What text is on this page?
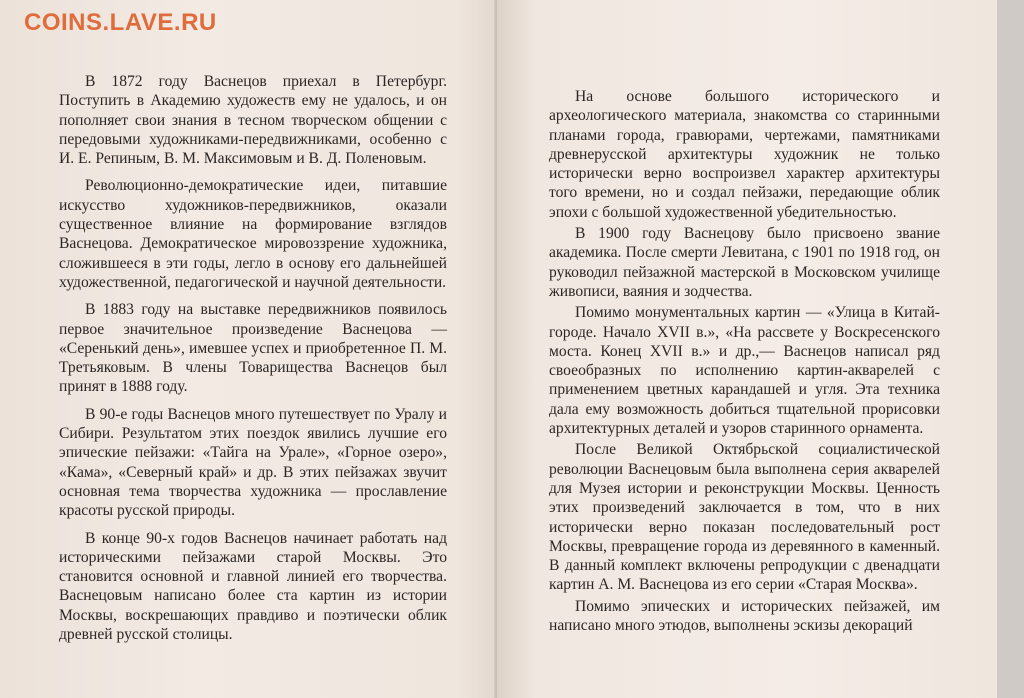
В 1872 году Васнецов приехал в Петербург. Поступить в Академию художеств ему не удалось, и он пополняет свои знания в тесном творческом общении с передовыми художниками-передвижниками, особенно с И. Е. Репиным, В. М. Максимовым и В. Д. Поленовым.

Революционно-демократические идеи, питавшие искусство художников-передвижников, оказали существенное влияние на формирование взглядов Васнецова. Демократическое мировоззрение художника, сложившееся в эти годы, легло в основу его дальнейшей художественной, педагогической и научной деятельности.

В 1883 году на выставке передвижников появилось первое значительное произведение Васнецова — «Серенький день», имевшее успех и приобретенное П. М. Третьяковым. В члены Товарищества Васнецов был принят в 1888 году.

В 90-е годы Васнецов много путешествует по Уралу и Сибири. Результатом этих поездок явились лучшие его эпические пейзажи: «Тайга на Урале», «Горное озеро», «Кама», «Северный край» и др. В этих пейзажах звучит основная тема творчества художника — прославление красоты русской природы.

В конце 90-х годов Васнецов начинает работать над историческими пейзажами старой Москвы. Это становится основной и главной линией его творчества. Васнецовым написано более ста картин из истории Москвы, воскрешающих правдиво и поэтически облик древней русской столицы.

На основе большого исторического и археологического материала, знакомства со старинными планами города, гравюрами, чертежами, памятниками древнерусской архитектуры художник не только исторически верно воспроизвел характер архитектуры того времени, но и создал пейзажи, передающие облик эпохи с большой художественной убедительностью.

В 1900 году Васнецову было присвоено звание академика. После смерти Левитана, с 1901 по 1918 год, он руководил пейзажной мастерской в Московском училище живописи, ваяния и зодчества.

Помимо монументальных картин — «Улица в Китай-городе. Начало XVII в.», «На рассвете у Воскресенского моста. Конец XVII в.» и др.,— Васнецов написал ряд своеобразных по исполнению картин-акварелей с применением цветных карандашей и угля. Эта техника дала ему возможность добиться тщательной прорисовки архитектурных деталей и узоров старинного орнамента.

После Великой Октябрьской социалистической революции Васнецовым была выполнена серия акварелей для Музея истории и реконструкции Москвы. Ценность этих произведений заключается в том, что в них исторически верно показан последовательный рост Москвы, превращение города из деревянного в каменный. В данный комплект включены репродукции с двенадцати картин А. М. Васнецова из его серии «Старая Москва».

Помимо эпических и исторических пейзажей, им написано много этюдов, выполнены эскизы декораций

COINS.LAVE.RU
